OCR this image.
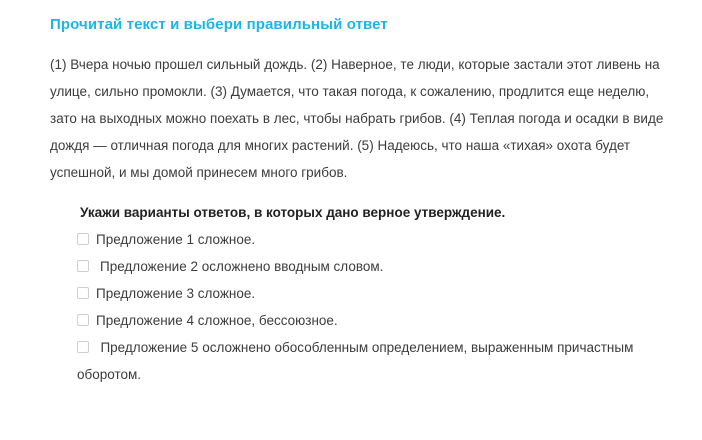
Прочитай текст и выбери правильный ответ
(1) Вчера ночью прошел сильный дождь. (2) Наверное, те люди, которые застали этот ливень на улице, сильно промокли. (3) Думается, что такая погода, к сожалению, продлится еще неделю, зато на выходных можно поехать в лес, чтобы набрать грибов. (4) Теплая погода и осадки в виде дождя — отличная погода для многих растений. (5) Надеюсь, что наша «тихая» охота будет успешной, и мы домой принесем много грибов.
Укажи варианты ответов, в которых дано верное утверждение.
Предложение 1 сложное.
Предложение 2 осложнено вводным словом.
Предложение 3 сложное.
Предложение 4 сложное, бессоюзное.
Предложение 5 осложнено обособленным определением, выраженным причастным оборотом.
